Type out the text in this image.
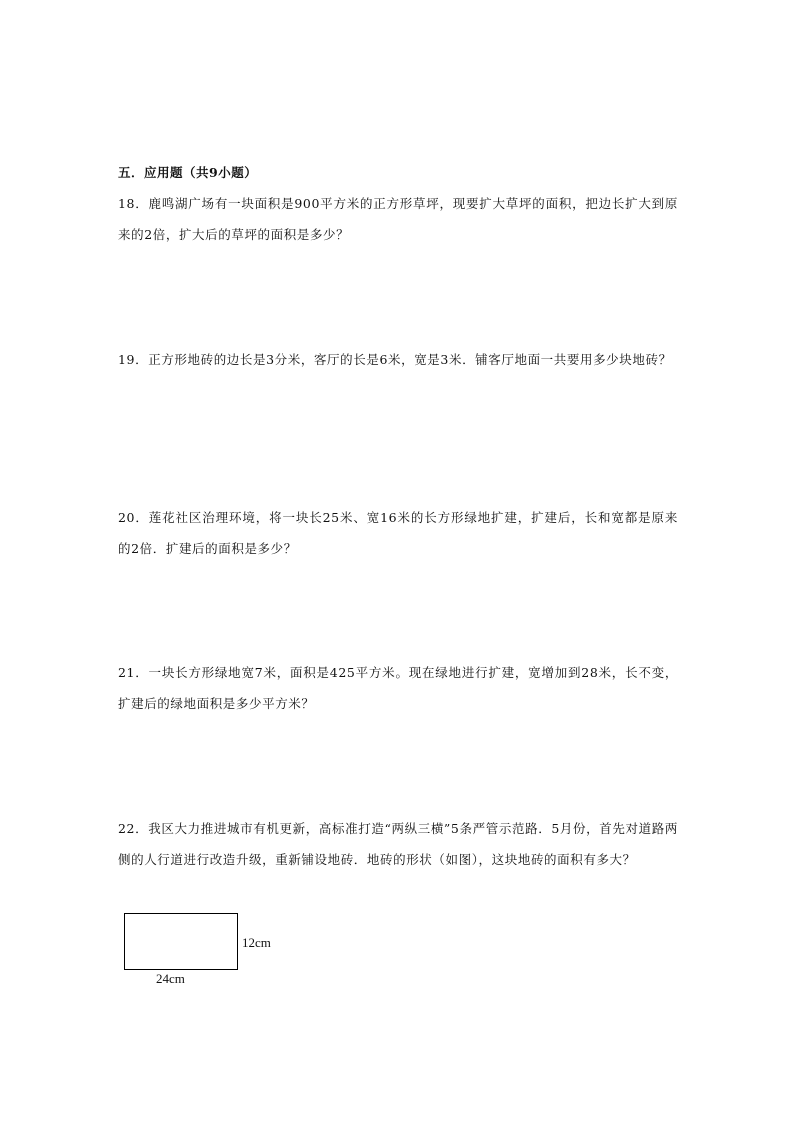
五．应用题（共9小题）
18．鹿鸣湖广场有一块面积是900平方米的正方形草坪，现要扩大草坪的面积，把边长扩大到原来的2倍，扩大后的草坪的面积是多少？
19．正方形地砖的边长是3分米，客厅的长是6米，宽是3米．铺客厅地面一共要用多少块地砖？
20．莲花社区治理环境，将一块长25米、宽16米的长方形绿地扩建，扩建后，长和宽都是原来的2倍．扩建后的面积是多少？
21．一块长方形绿地宽7米，面积是425平方米。现在绿地进行扩建，宽增加到28米，长不变，扩建后的绿地面积是多少平方米？
22．我区大力推进城市有机更新，高标准打造“两纵三横”5条严管示范路．5月份，首先对道路两侧的人行道进行改造升级，重新铺设地砖．地砖的形状（如图），这块地砖的面积有多大？
12cm
24cm
